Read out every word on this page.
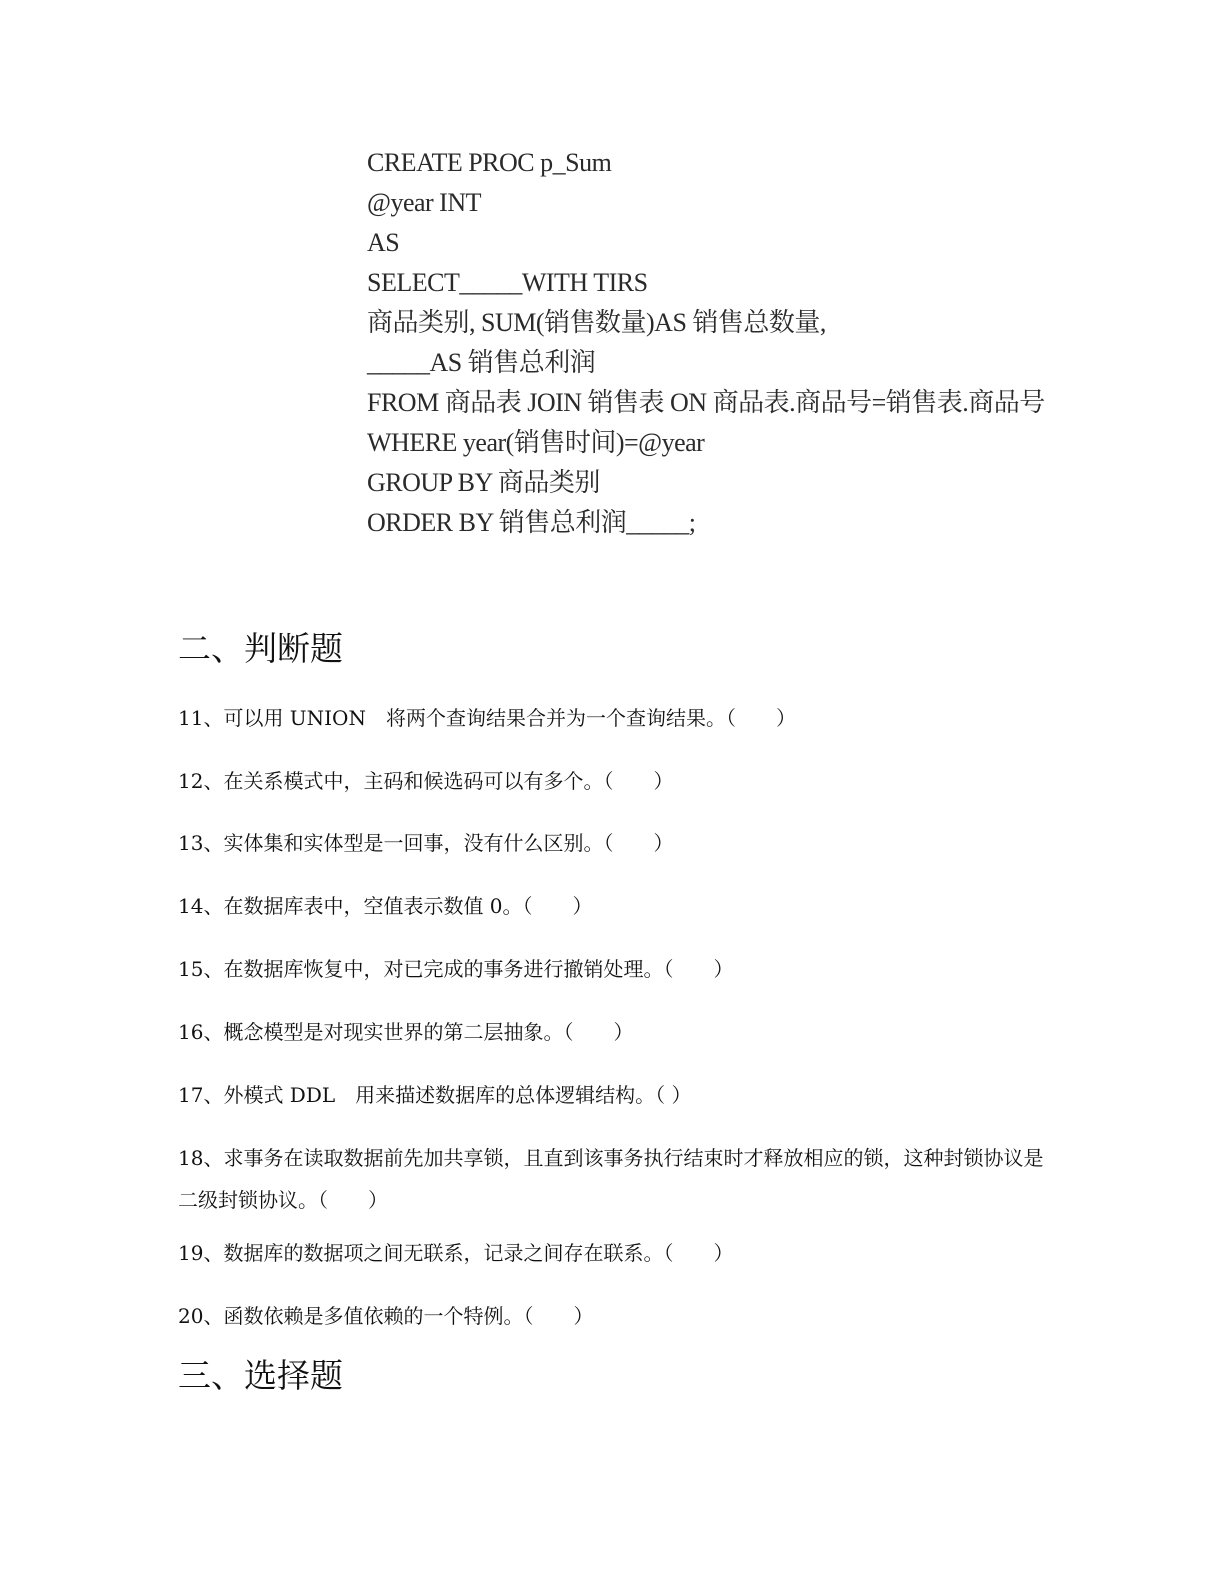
CREATE PROC p_Sum
@year INT
AS
SELECT_____WITH TIRS
商品类别, SUM(销售数量)AS 销售总数量,
_____AS 销售总利润
FROM 商品表 JOIN 销售表 ON 商品表.商品号=销售表.商品号
WHERE year(销售时间)=@year
GROUP BY 商品类别
ORDER BY 销售总利润_____;
二、判断题
11、可以用 UNION　将两个查询结果合并为一个查询结果。（　　）
12、在关系模式中，主码和候选码可以有多个。（　　）
13、实体集和实体型是一回事，没有什么区别。（　　）
14、在数据库表中，空值表示数值 0。（　　）
15、在数据库恢复中，对已完成的事务进行撤销处理。（　　）
16、概念模型是对现实世界的第二层抽象。（　　）
17、外模式 DDL　用来描述数据库的总体逻辑结构。（ ）
18、求事务在读取数据前先加共享锁，且直到该事务执行结束时才释放相应的锁，这种封锁协议是二级封锁协议。（　　）
19、数据库的数据项之间无联系，记录之间存在联系。（　　）
20、函数依赖是多值依赖的一个特例。（　　）
三、选择题
